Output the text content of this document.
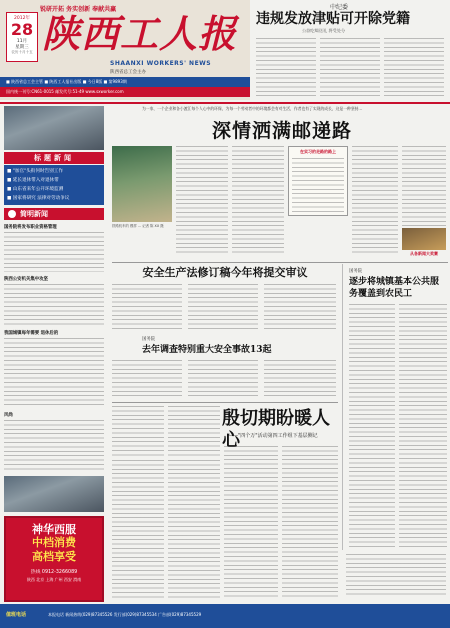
锐研开拓 务实创新 奉献共赢
2012年
28
11月
星期三
农历十月十五 陕西工人报
SHAANXI WORKERS' NEWS
陕西省总工会主办
■ 陕西省总工会主管 ■ 陕西工人报社出版 ■ 今日8版 ■ 第9893期
国内统一刊号:CN61-0015 邮发代号:51-49 www.sxworker.com
中纪委
违规发放津贴可开除党籍
公款吃喝送礼 将受处分
标题新闻
■ "加官"头衔何时告别工作
■ 延长退休带入对退休带
■ 山东省来年公开环境监测
■ 国家将研究 法律对劳动争议
简明新闻
国务院将发布职业资格管理
陕西公安机关集中攻坚
我国城镇每年需要 退休后的
风尚
神华西服
中档消费
高档享受
热线 0912-3266089
陕西 北京 上海 广州 西安 渭南
为一家、一个企业和各小渡江每个人心中的环保，为每一个劳动者中的环境都会有对生活，作者也有了实现的成长，这是一种坚持...
深情洒满邮递路
铁路机车的 模样 ... 记者 陈 XX 摄
在实习的走路的路上
从各新闻大奖赛
安全生产法修订稿今年将提交审议
国务院
去年调查特别重大安全事故13起
国务院
逐步将城镇基本公共服务覆盖到农民工
殷切期盼暖人心
——"四个万"活动第四工作组下基层侧记
值班电话	本报电话 新闻热线(029)87345526 发行部(029)87345534 广告部(029)87345529
